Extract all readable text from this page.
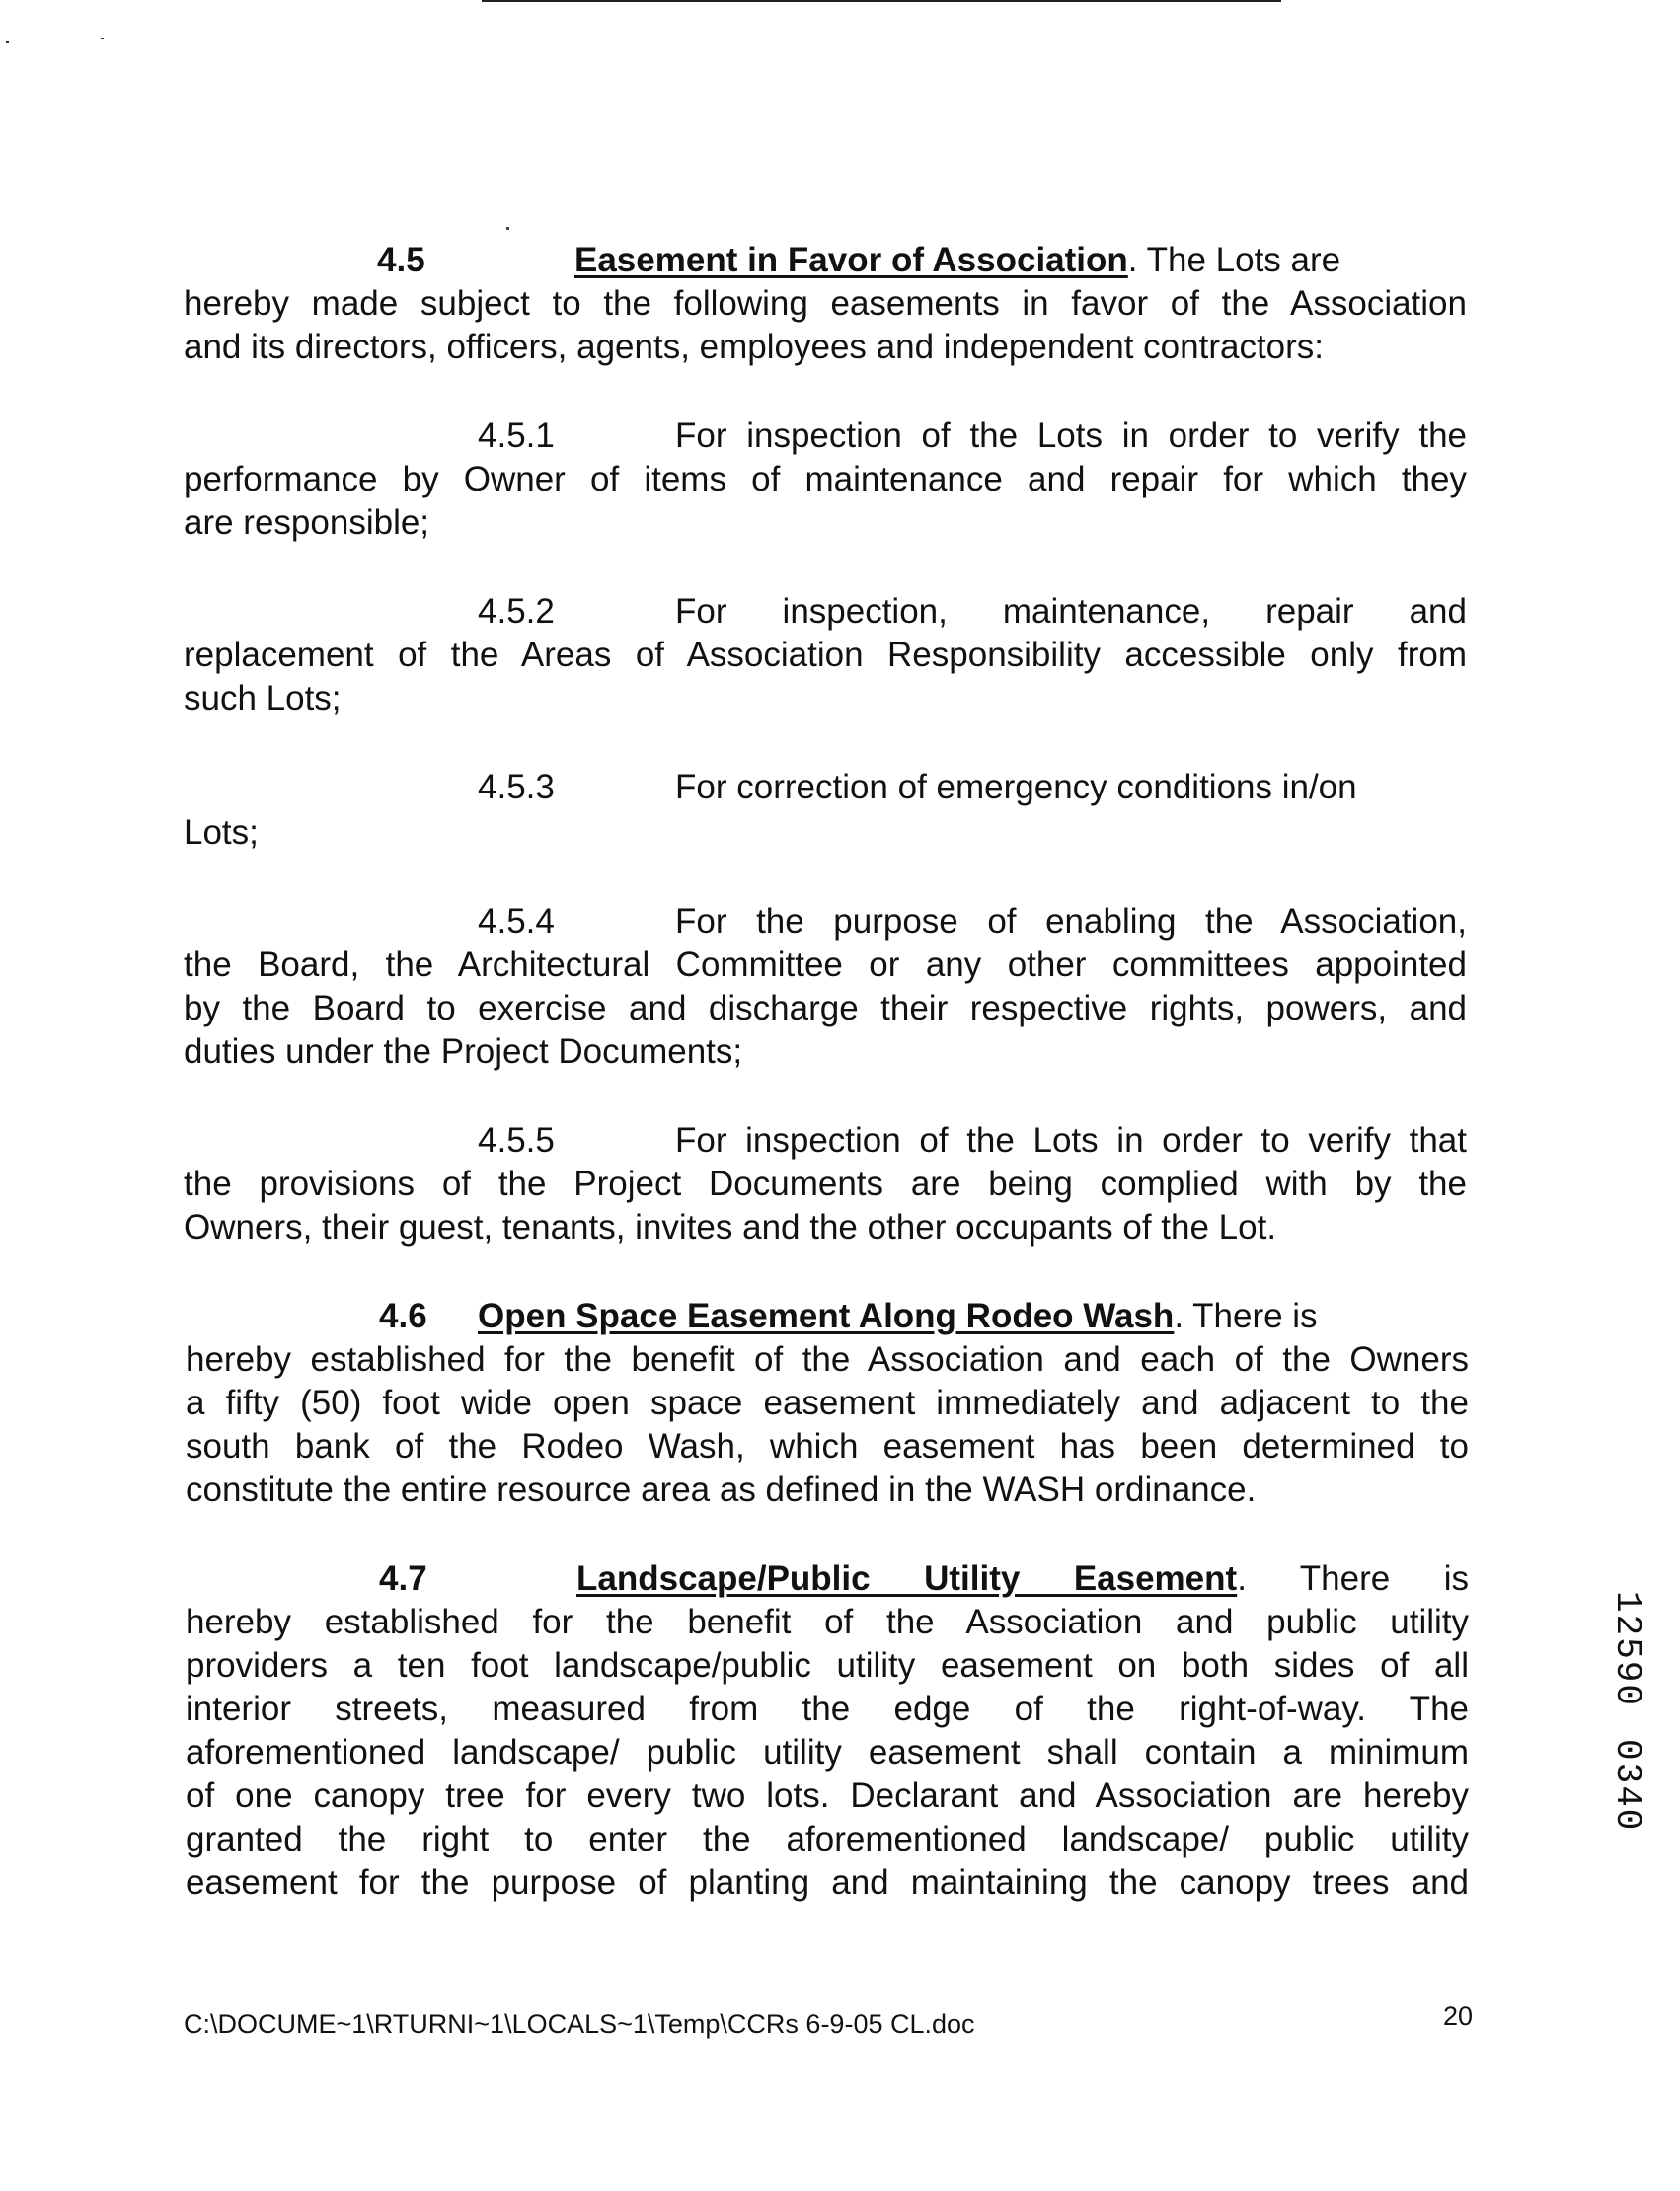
4.5	Easement in Favor of Association. The Lots are
hereby made subject to the following easements in favor of the Association
and its directors, officers, agents, employees and independent contractors:
4.5.1	For inspection of the Lots in order to verify the
performance by Owner of items of maintenance and repair for which they
are responsible;
4.5.2	For inspection, maintenance, repair and
replacement of the Areas of Association Responsibility accessible only from
such Lots;
4.5.3	For correction of emergency conditions in/on
Lots;
4.5.4	For the purpose of enabling the Association,
the Board, the Architectural Committee or any other committees appointed
by the Board to exercise and discharge their respective rights, powers, and
duties under the Project Documents;
4.5.5	For inspection of the Lots in order to verify that
the provisions of the Project Documents are being complied with by the
Owners, their guest, tenants, invites and the other occupants of the Lot.
4.6 Open Space Easement Along Rodeo Wash. There is
hereby established for the benefit of the Association and each of the Owners
a fifty (50) foot wide open space easement immediately and adjacent to the
south bank of the Rodeo Wash, which easement has been determined to
constitute the entire resource area as defined in the WASH ordinance.
4.7	Landscape/Public Utility Easement. There is
hereby established for the benefit of the Association and public utility
providers a ten foot landscape/public utility easement on both sides of all
interior streets, measured from the edge of the right-of-way. The
aforementioned landscape/ public utility easement shall contain a minimum
of one canopy tree for every two lots. Declarant and Association are hereby
granted the right to enter the aforementioned landscape/ public utility
easement for the purpose of planting and maintaining the canopy trees and
12590
0340
C:\DOCUME~1\RTURNI~1\LOCALS~1\Temp\CCRs 6-9-05 CL.doc	20
